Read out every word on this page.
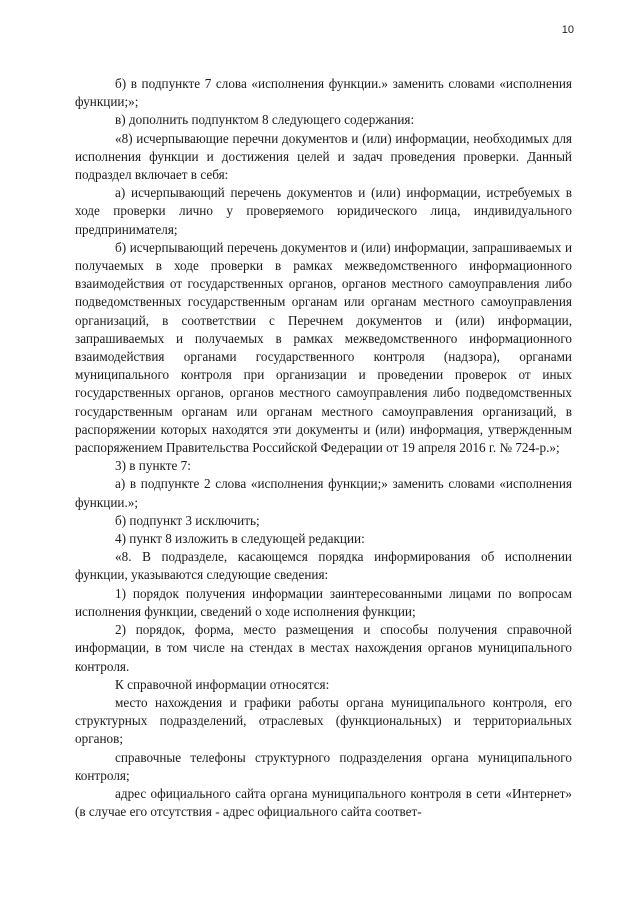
10

б) в подпункте 7 слова «исполнения функции.» заменить словами «исполнения функции;»;

в) дополнить подпунктом 8 следующего содержания:

«8) исчерпывающие перечни документов и (или) информации, необходимых для исполнения функции и достижения целей и задач проведения проверки. Данный подраздел включает в себя:

а) исчерпывающий перечень документов и (или) информации, истребуемых в ходе проверки лично у проверяемого юридического лица, индивидуального предпринимателя;

б) исчерпывающий перечень документов и (или) информации, запрашиваемых и получаемых в ходе проверки в рамках межведомственного информационного взаимодействия от государственных органов, органов местного самоуправления либо подведомственных государственным органам или органам местного самоуправления организаций, в соответствии с Перечнем документов и (или) информации, запрашиваемых и получаемых в рамках межведомственного информационного взаимодействия органами государственного контроля (надзора), органами муниципального контроля при организации и проведении проверок от иных государственных органов, органов местного самоуправления либо подведомственных государственным органам или органам местного самоуправления организаций, в распоряжении которых находятся эти документы и (или) информация, утвержденным распоряжением Правительства Российской Федерации от 19 апреля 2016 г. № 724-р.»;

3) в пункте 7:

а) в подпункте 2 слова «исполнения функции;» заменить словами «исполнения функции.»;

б) подпункт 3 исключить;

4) пункт 8 изложить в следующей редакции:

«8. В подразделе, касающемся порядка информирования об исполнении функции, указываются следующие сведения:

1) порядок получения информации заинтересованными лицами по вопросам исполнения функции, сведений о ходе исполнения функции;

2) порядок, форма, место размещения и способы получения справочной информации, в том числе на стендах в местах нахождения органов муниципального контроля.

К справочной информации относятся:

место нахождения и графики работы органа муниципального контроля, его структурных подразделений, отраслевых (функциональных) и территориальных органов;

справочные телефоны структурного подразделения органа муниципального контроля;

адрес официального сайта органа муниципального контроля в сети «Интернет» (в случае его отсутствия - адрес официального сайта соответ-
